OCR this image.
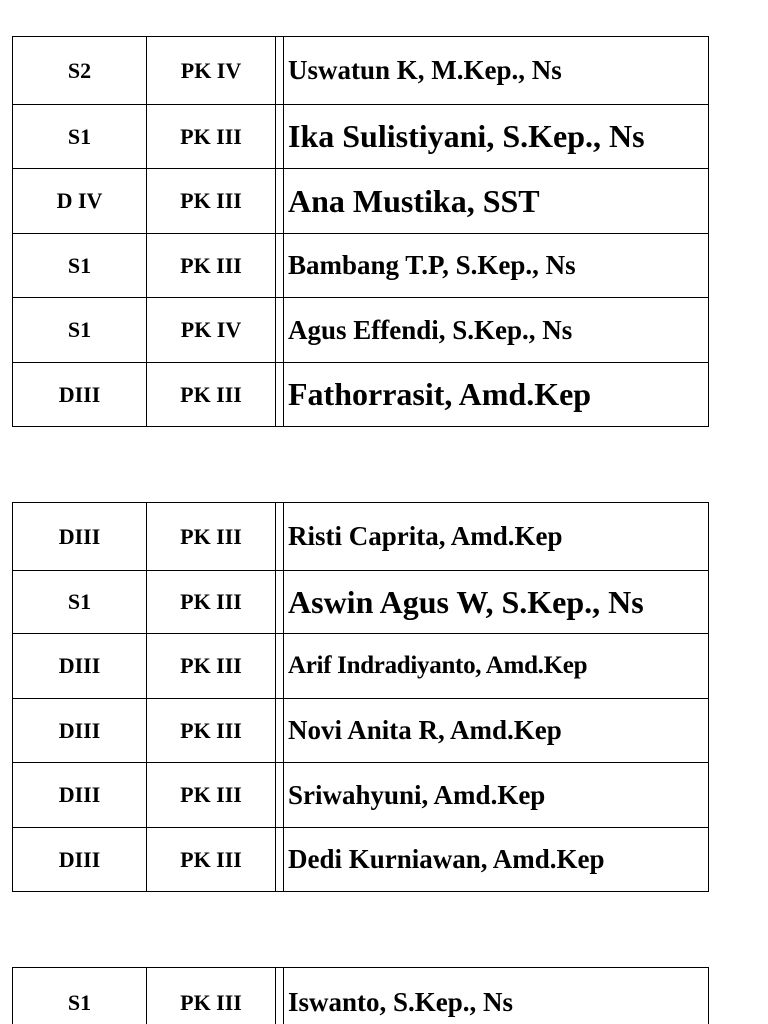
S2	PK IV		Uswatun K, M.Kep., Ns
S1	PK III		Ika Sulistiyani, S.Kep., Ns
D IV	PK III		Ana Mustika, SST
S1	PK III		Bambang T.P, S.Kep., Ns
S1	PK IV		Agus Effendi, S.Kep., Ns
DIII	PK III		Fathorrasit, Amd.Kep
DIII	PK III		Risti Caprita, Amd.Kep
S1	PK III		Aswin Agus W, S.Kep., Ns
DIII	PK III		Arif Indradiyanto, Amd.Kep
DIII	PK III		Novi Anita R, Amd.Kep
DIII	PK III		Sriwahyuni, Amd.Kep
DIII	PK III		Dedi Kurniawan, Amd.Kep
S1	PK III		Iswanto, S.Kep., Ns
